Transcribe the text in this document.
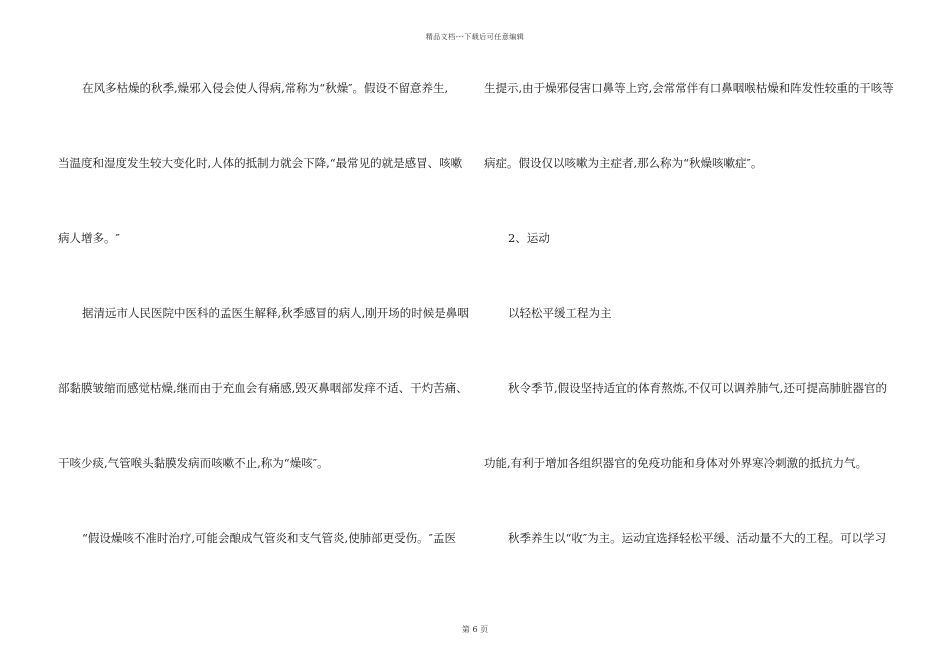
精品文档---下载后可任意编辑
在风多枯燥的秋季,燥邪入侵会使人得病,常称为“秋燥″。假设不留意养生,
当温度和湿度发生较大变化时,人体的抵制力就会下降,“最常见的就是感冒、咳嗽
病人增多。″
据清远市人民医院中医科的孟医生解释,秋季感冒的病人,刚开场的时候是鼻咽
部黏膜皱缩而感觉枯燥,继而由于充血会有痛感,毁灭鼻咽部发痒不适、干灼苦痛、
干咳少痰,气管喉头黏膜发病而咳嗽不止,称为“燥咳″。
“假设燥咳不准时治疗,可能会酿成气管炎和支气管炎,使肺部更受伤。″孟医
生提示,由于燥邪侵害口鼻等上窍,会常常伴有口鼻咽喉枯燥和阵发性较重的干咳等
病症。假设仅以咳嗽为主症者,那么称为“秋燥咳嗽症″。
2、运动
以轻松平缓工程为主
秋令季节,假设坚持适宜的体育熬炼,不仅可以调养肺气,还可提高肺脏器官的
功能,有利于增加各组织器官的免疫功能和身体对外界寒冷刺激的抵抗力气。
秋季养生以“收″为主。运动宜选择轻松平缓、活动量不大的工程。可以学习
第 6 页
